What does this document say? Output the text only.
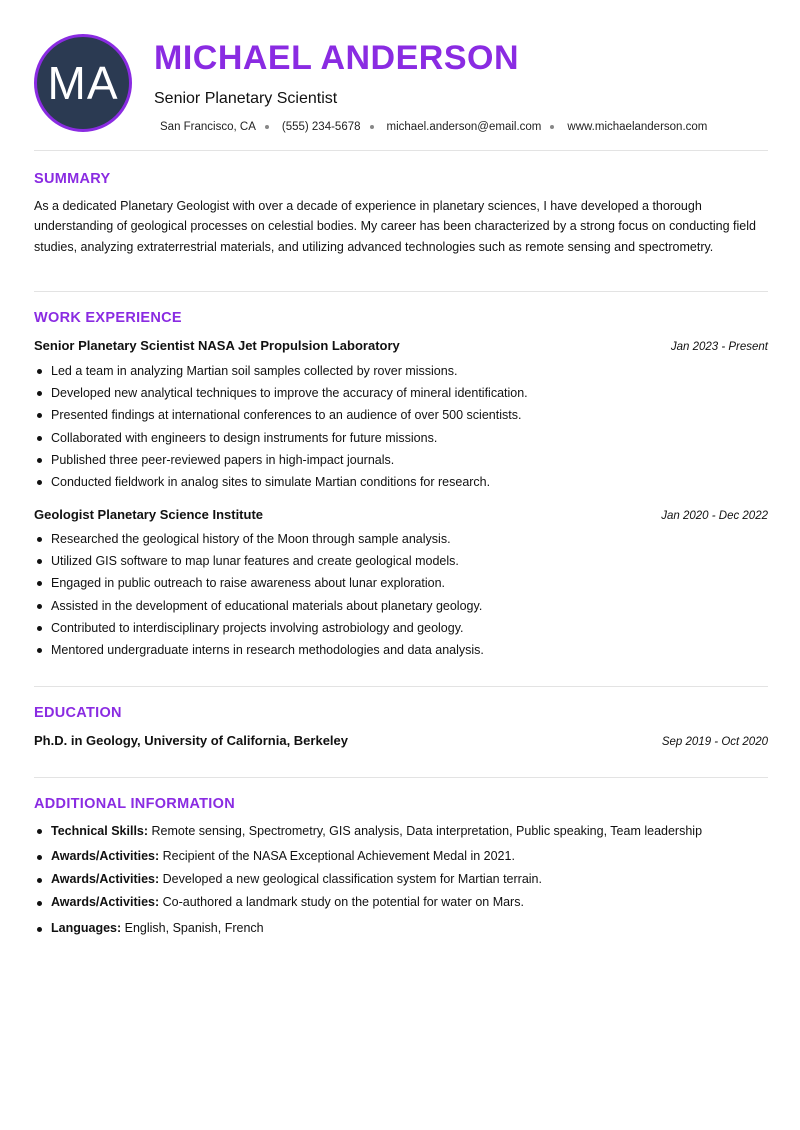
MA MICHAEL ANDERSON
Senior Planetary Scientist
San Francisco, CA (555) 234-5678 michael.anderson@email.com www.michaelanderson.com
SUMMARY
As a dedicated Planetary Geologist with over a decade of experience in planetary sciences, I have developed a thorough understanding of geological processes on celestial bodies. My career has been characterized by a strong focus on conducting field studies, analyzing extraterrestrial materials, and utilizing advanced technologies such as remote sensing and spectrometry.
WORK EXPERIENCE
Senior Planetary Scientist NASA Jet Propulsion Laboratory	Jan 2023 - Present
Led a team in analyzing Martian soil samples collected by rover missions.
Developed new analytical techniques to improve the accuracy of mineral identification.
Presented findings at international conferences to an audience of over 500 scientists.
Collaborated with engineers to design instruments for future missions.
Published three peer-reviewed papers in high-impact journals.
Conducted fieldwork in analog sites to simulate Martian conditions for research.
Geologist Planetary Science Institute	Jan 2020 - Dec 2022
Researched the geological history of the Moon through sample analysis.
Utilized GIS software to map lunar features and create geological models.
Engaged in public outreach to raise awareness about lunar exploration.
Assisted in the development of educational materials about planetary geology.
Contributed to interdisciplinary projects involving astrobiology and geology.
Mentored undergraduate interns in research methodologies and data analysis.
EDUCATION
Ph.D. in Geology, University of California, Berkeley	Sep 2019 - Oct 2020
ADDITIONAL INFORMATION
Technical Skills: Remote sensing, Spectrometry, GIS analysis, Data interpretation, Public speaking, Team leadership
Awards/Activities: Recipient of the NASA Exceptional Achievement Medal in 2021.
Awards/Activities: Developed a new geological classification system for Martian terrain.
Awards/Activities: Co-authored a landmark study on the potential for water on Mars.
Languages: English, Spanish, French
